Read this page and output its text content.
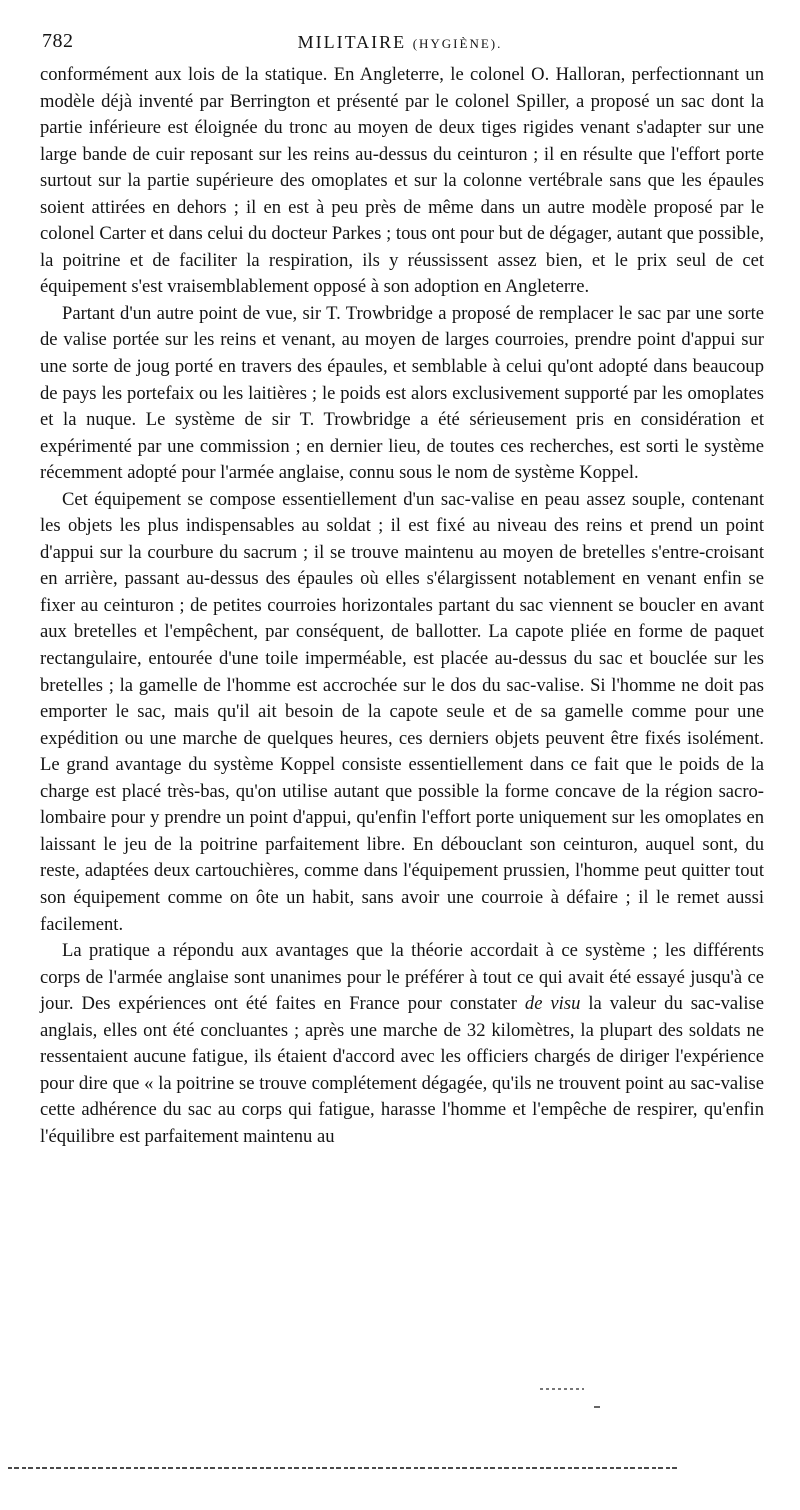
782	MILITAIRE (HYGIÈNE).

conformément aux lois de la statique. En Angleterre, le colonel O. Halloran, perfectionnant un modèle déjà inventé par Berrington et présenté par le colonel Spiller, a proposé un sac dont la partie inférieure est éloignée du tronc au moyen de deux tiges rigides venant s'adapter sur une large bande de cuir reposant sur les reins au-dessus du ceinturon ; il en résulte que l'effort porte surtout sur la partie supérieure des omoplates et sur la colonne vertébrale sans que les épaules soient attirées en dehors ; il en est à peu près de même dans un autre modèle proposé par le colonel Carter et dans celui du docteur Parkes ; tous ont pour but de dégager, autant que possible, la poitrine et de faciliter la respiration, ils y réussissent assez bien, et le prix seul de cet équipement s'est vraisemblablement opposé à son adoption en Angleterre.

Partant d'un autre point de vue, sir T. Trowbridge a proposé de remplacer le sac par une sorte de valise portée sur les reins et venant, au moyen de larges courroies, prendre point d'appui sur une sorte de joug porté en travers des épaules, et semblable à celui qu'ont adopté dans beaucoup de pays les portefaix ou les laitières ; le poids est alors exclusivement supporté par les omoplates et la nuque. Le système de sir T. Trowbridge a été sérieusement pris en considération et expérimenté par une commission ; en dernier lieu, de toutes ces recherches, est sorti le système récemment adopté pour l'armée anglaise, connu sous le nom de système Koppel.

Cet équipement se compose essentiellement d'un sac-valise en peau assez souple, contenant les objets les plus indispensables au soldat ; il est fixé au niveau des reins et prend un point d'appui sur la courbure du sacrum ; il se trouve maintenu au moyen de bretelles s'entre-croisant en arrière, passant au-dessus des épaules où elles s'élargissent notablement en venant enfin se fixer au ceinturon ; de petites courroies horizontales partant du sac viennent se boucler en avant aux bretelles et l'empêchent, par conséquent, de ballotter. La capote pliée en forme de paquet rectangulaire, entourée d'une toile imperméable, est placée au-dessus du sac et bouclée sur les bretelles ; la gamelle de l'homme est accrochée sur le dos du sac-valise. Si l'homme ne doit pas emporter le sac, mais qu'il ait besoin de la capote seule et de sa gamelle comme pour une expédition ou une marche de quelques heures, ces derniers objets peuvent être fixés isolément. Le grand avantage du système Koppel consiste essentiellement dans ce fait que le poids de la charge est placé très-bas, qu'on utilise autant que possible la forme concave de la région sacro-lombaire pour y prendre un point d'appui, qu'enfin l'effort porte uniquement sur les omoplates en laissant le jeu de la poitrine parfaitement libre. En débouclant son ceinturon, auquel sont, du reste, adaptées deux cartouchières, comme dans l'équipement prussien, l'homme peut quitter tout son équipement comme on ôte un habit, sans avoir une courroie à défaire ; il le remet aussi facilement.

La pratique a répondu aux avantages que la théorie accordait à ce système ; les différents corps de l'armée anglaise sont unanimes pour le préférer à tout ce qui avait été essayé jusqu'à ce jour. Des expériences ont été faites en France pour constater de visu la valeur du sac-valise anglais, elles ont été concluantes ; après une marche de 32 kilomètres, la plupart des soldats ne ressentaient aucune fatigue, ils étaient d'accord avec les officiers chargés de diriger l'expérience pour dire que « la poitrine se trouve complétement dégagée, qu'ils ne trouvent point au sac-valise cette adhérence du sac au corps qui fatigue, harasse l'homme et l'empêche de respirer, qu'enfin l'équilibre est parfaitement maintenu au
